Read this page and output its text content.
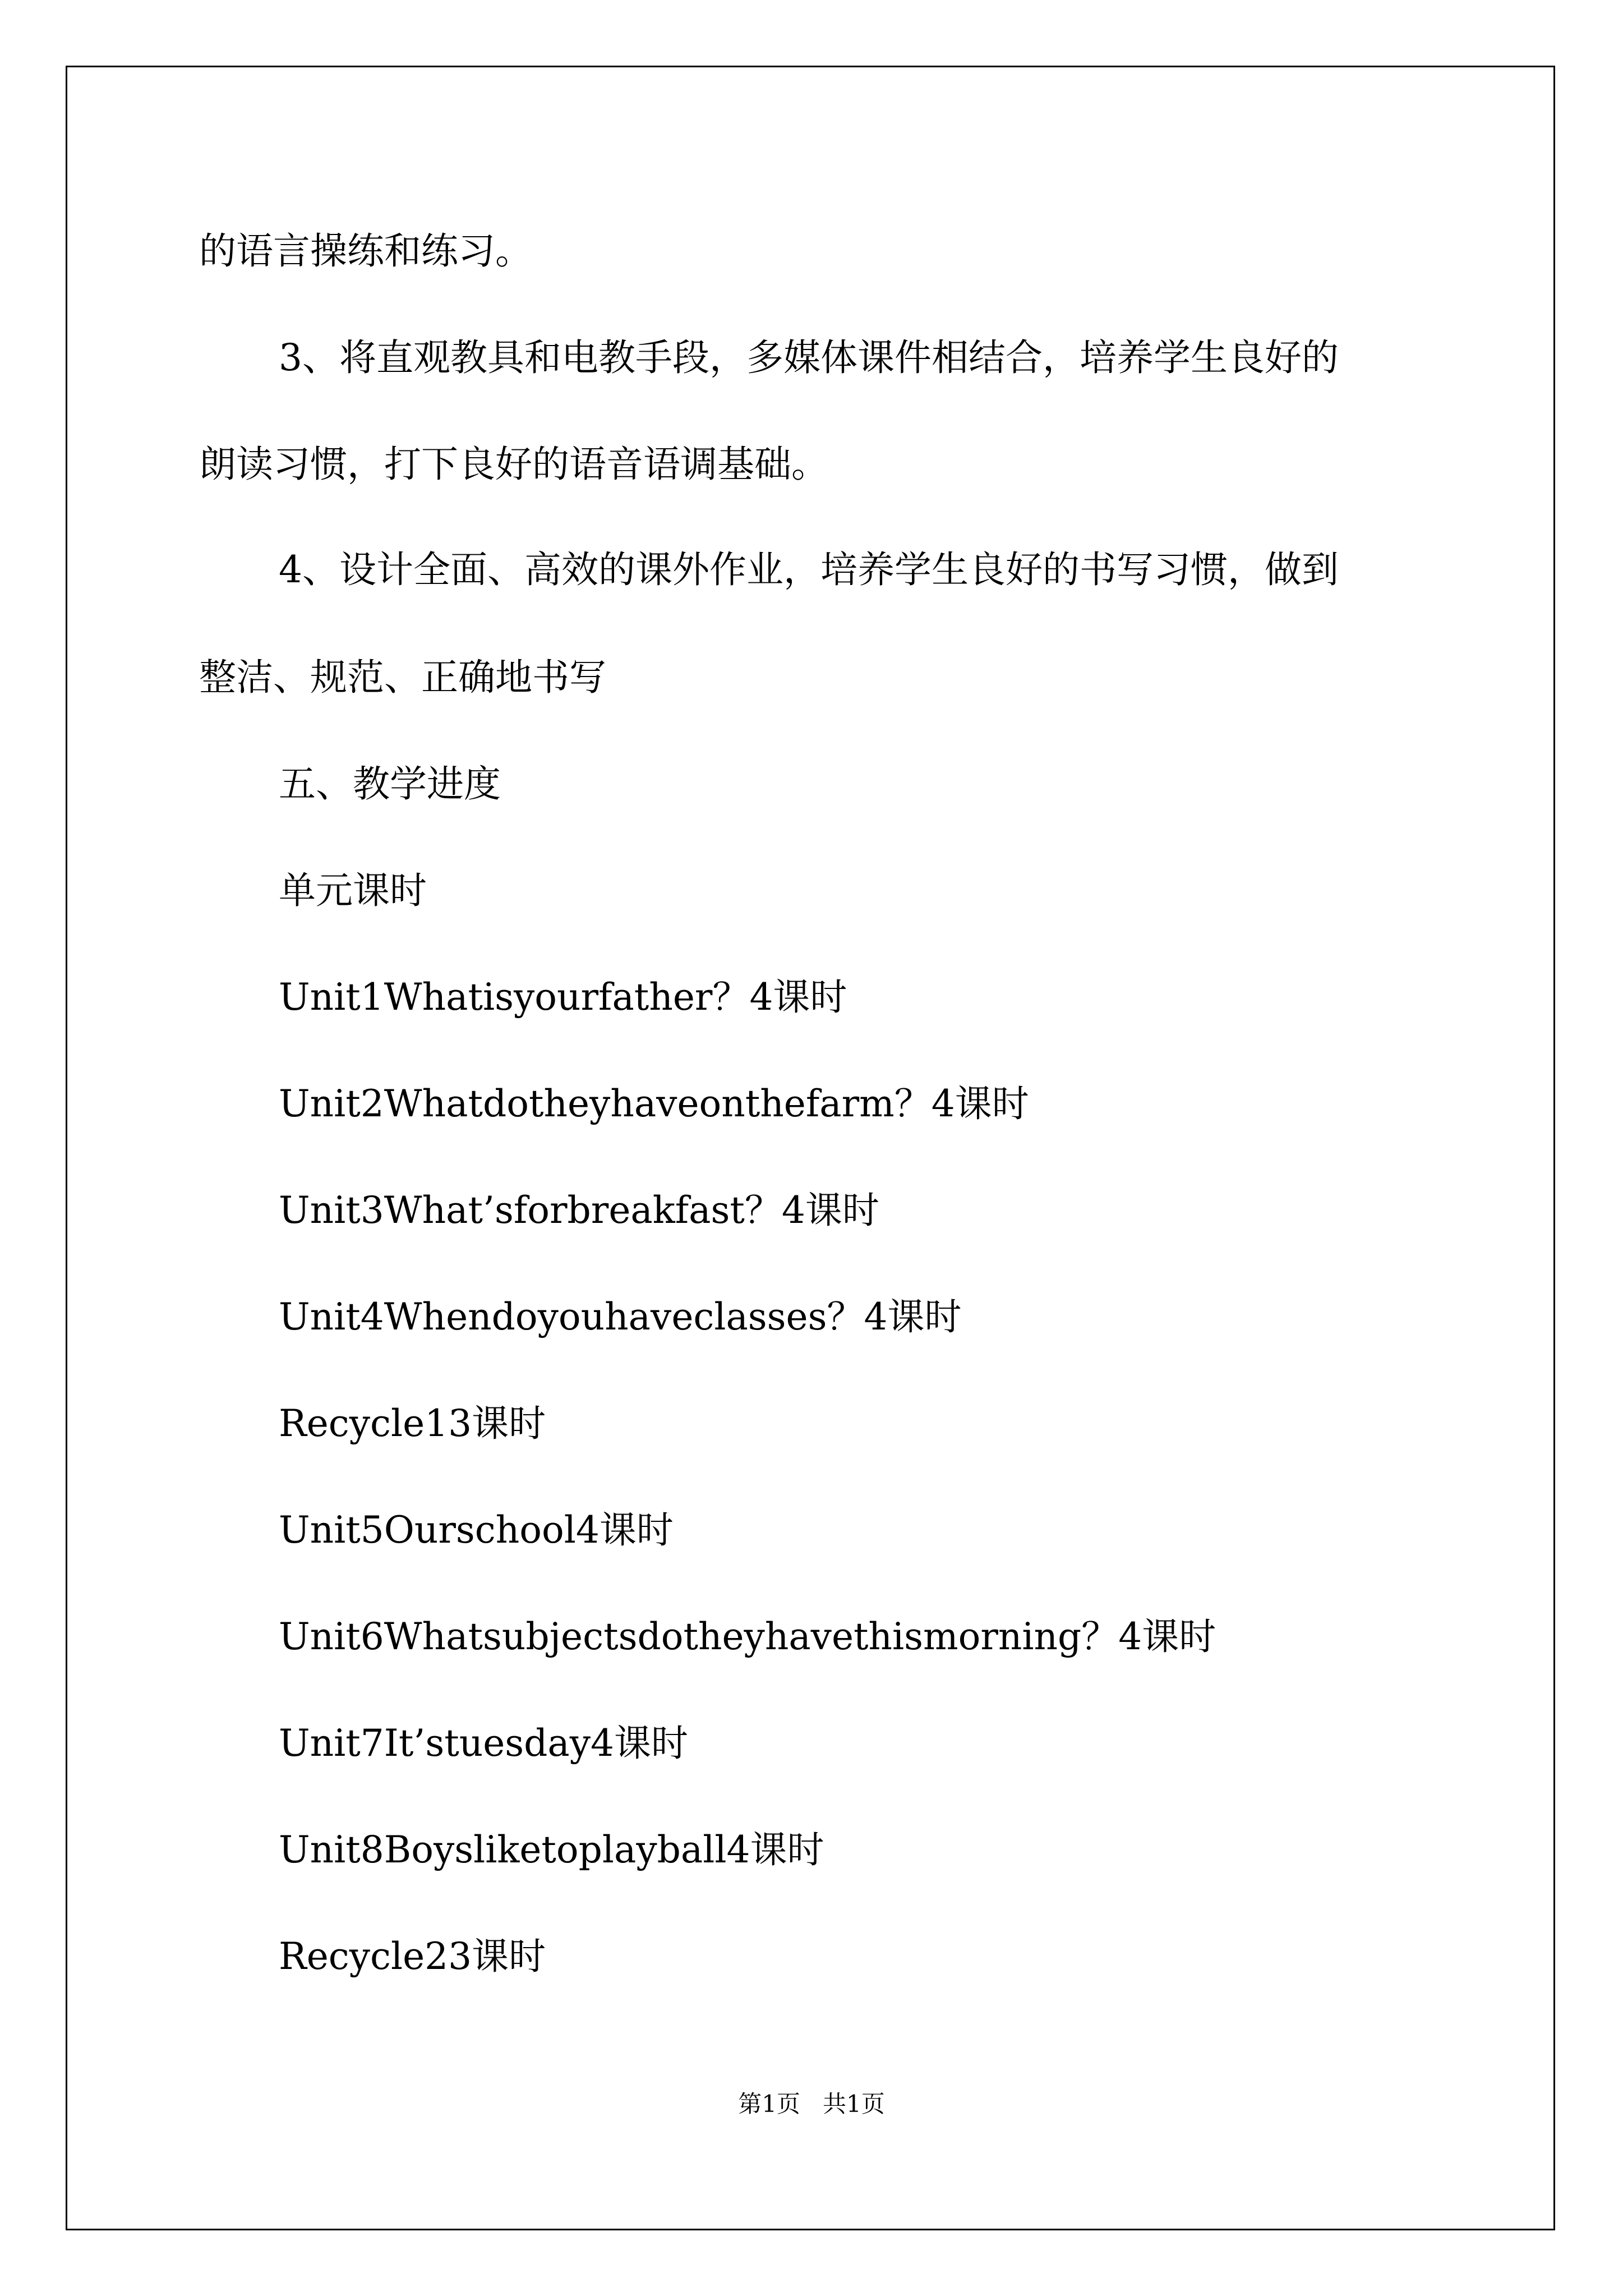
的语言操练和练习。

3、将直观教具和电教手段，多媒体课件相结合，培养学生良好的

朗读习惯，打下良好的语音语调基础。

4、设计全面、高效的课外作业，培养学生良好的书写习惯，做到

整洁、规范、正确地书写

五、教学进度

单元课时

Unit1Whatisyourfather？4课时

Unit2Whatdotheyhaveonthefarm？4课时

Unit3What’sforbreakfast？4课时

Unit4Whendoyouhaveclasses？4课时

Recycle13课时

Unit5Ourschool4课时

Unit6Whatsubjectsdotheyhavethismorning？4课时

Unit7It’stuesday4课时

Unit8Boysliketoplayball4课时

Recycle23课时

第1页   共1页
